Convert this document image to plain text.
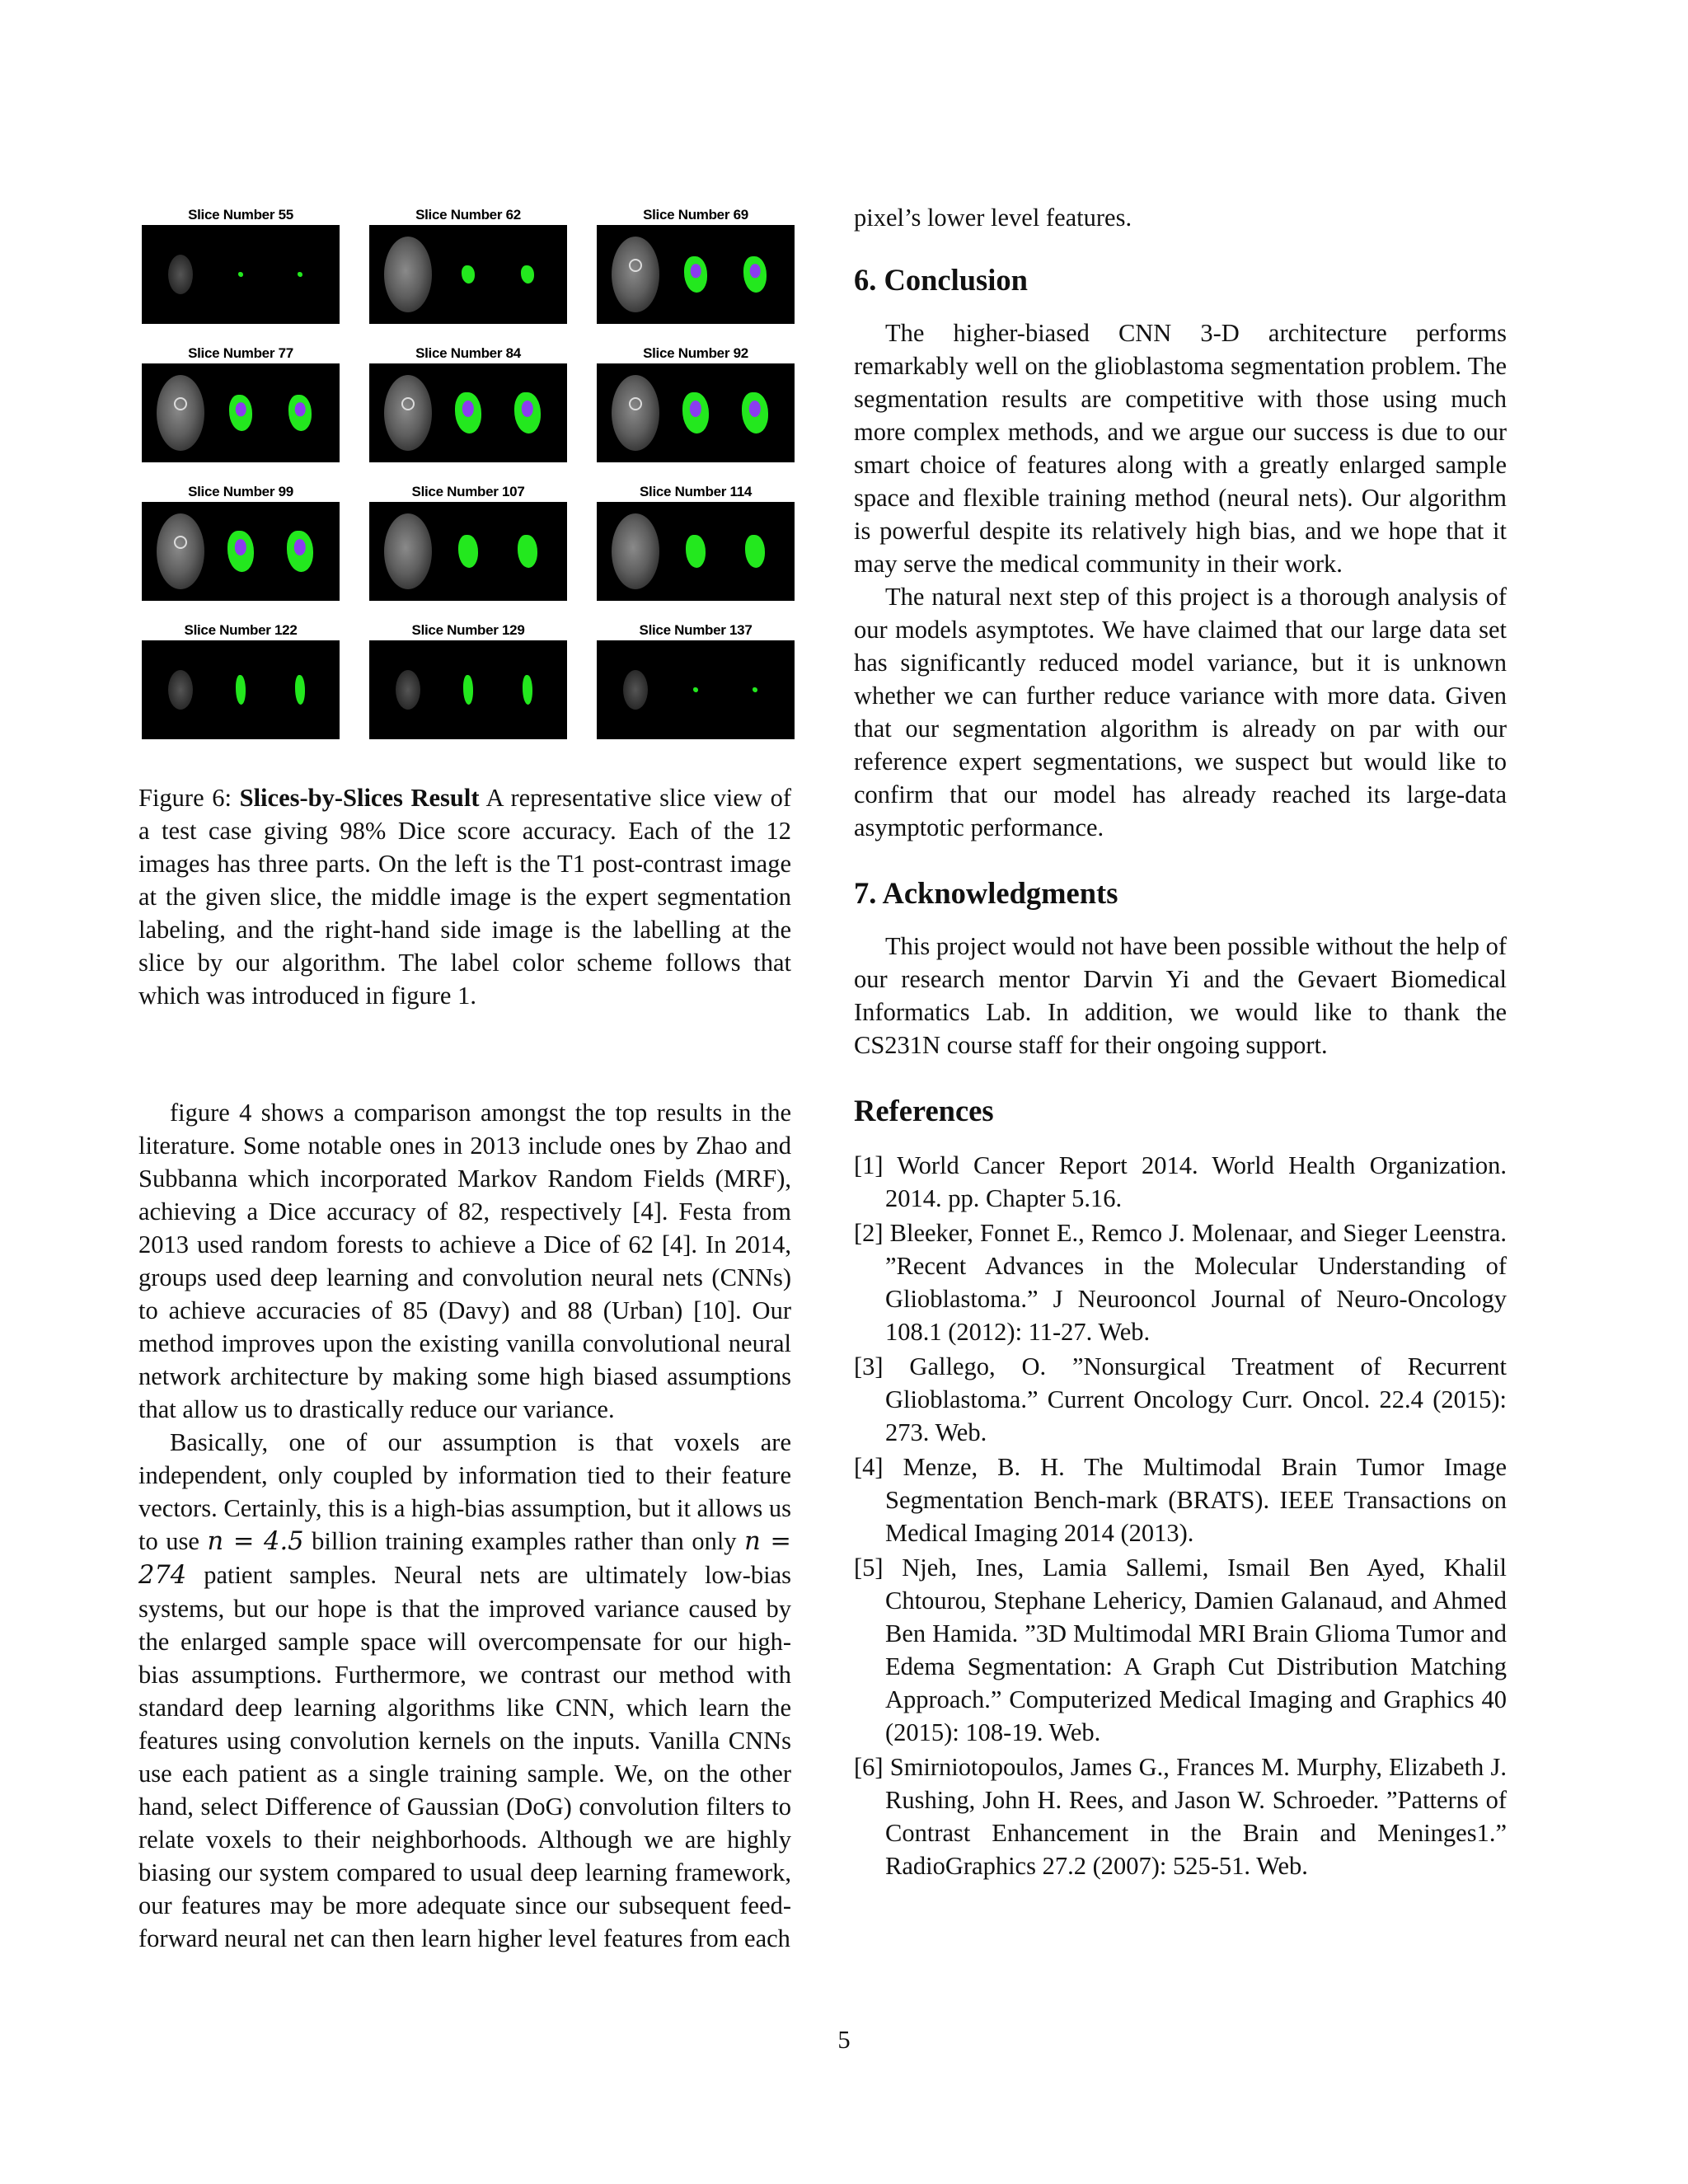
Slice Number 55	Slice Number 62	Slice Number 69
Slice Number 77	Slice Number 84	Slice Number 92
Slice Number 99	Slice Number 107	Slice Number 114
Slice Number 122	Slice Number 129	Slice Number 137

Figure 6: Slices-by-Slices Result A representative slice view of a test case giving 98% Dice score accuracy. Each of the 12 images has three parts. On the left is the T1 post-contrast image at the given slice, the middle image is the expert segmentation labeling, and the right-hand side image is the labelling at the slice by our algorithm. The label color scheme follows that which was introduced in figure 1.

figure 4 shows a comparison amongst the top results in the literature. Some notable ones in 2013 include ones by Zhao and Subbanna which incorporated Markov Random Fields (MRF), achieving a Dice accuracy of 82, respectively [4]. Festa from 2013 used random forests to achieve a Dice of 62 [4]. In 2014, groups used deep learning and convolution neural nets (CNNs) to achieve accuracies of 85 (Davy) and 88 (Urban) [10]. Our method improves upon the existing vanilla convolutional neural network architecture by making some high biased assumptions that allow us to drastically reduce our variance.

Basically, one of our assumption is that voxels are independent, only coupled by information tied to their feature vectors. Certainly, this is a high-bias assumption, but it allows us to use n = 4.5 billion training examples rather than only n = 274 patient samples. Neural nets are ultimately low-bias systems, but our hope is that the improved variance caused by the enlarged sample space will overcompensate for our high-bias assumptions. Furthermore, we contrast our method with standard deep learning algorithms like CNN, which learn the features using convolution kernels on the inputs. Vanilla CNNs use each patient as a single training sample. We, on the other hand, select Difference of Gaussian (DoG) convolution filters to relate voxels to their neighborhoods. Although we are highly biasing our system compared to usual deep learning framework, our features may be more adequate since our subsequent feed-forward neural net can then learn higher level features from each

pixel’s lower level features.

6. Conclusion

The higher-biased CNN 3-D architecture performs remarkably well on the glioblastoma segmentation problem. The segmentation results are competitive with those using much more complex methods, and we argue our success is due to our smart choice of features along with a greatly enlarged sample space and flexible training method (neural nets). Our algorithm is powerful despite its relatively high bias, and we hope that it may serve the medical community in their work.

The natural next step of this project is a thorough analysis of our models asymptotes. We have claimed that our large data set has significantly reduced model variance, but it is unknown whether we can further reduce variance with more data. Given that our segmentation algorithm is already on par with our reference expert segmentations, we suspect but would like to confirm that our model has already reached its large-data asymptotic performance.

7. Acknowledgments

This project would not have been possible without the help of our research mentor Darvin Yi and the Gevaert Biomedical Informatics Lab. In addition, we would like to thank the CS231N course staff for their ongoing support.

References

[1] World Cancer Report 2014. World Health Organization. 2014. pp. Chapter 5.16.

[2] Bleeker, Fonnet E., Remco J. Molenaar, and Sieger Leenstra. ”Recent Advances in the Molecular Understanding of Glioblastoma.” J Neurooncol Journal of Neuro-Oncology 108.1 (2012): 11-27. Web.

[3] Gallego, O. ”Nonsurgical Treatment of Recurrent Glioblastoma.” Current Oncology Curr. Oncol. 22.4 (2015): 273. Web.

[4] Menze, B. H. The Multimodal Brain Tumor Image Segmentation Bench-mark (BRATS). IEEE Transactions on Medical Imaging 2014 (2013).

[5] Njeh, Ines, Lamia Sallemi, Ismail Ben Ayed, Khalil Chtourou, Stephane Lehericy, Damien Galanaud, and Ahmed Ben Hamida. ”3D Multimodal MRI Brain Glioma Tumor and Edema Segmentation: A Graph Cut Distribution Matching Approach.” Computerized Medical Imaging and Graphics 40 (2015): 108-19. Web.

[6] Smirniotopoulos, James G., Frances M. Murphy, Elizabeth J. Rushing, John H. Rees, and Jason W. Schroeder. ”Patterns of Contrast Enhancement in the Brain and Meninges1.” RadioGraphics 27.2 (2007): 525-51. Web.

5
